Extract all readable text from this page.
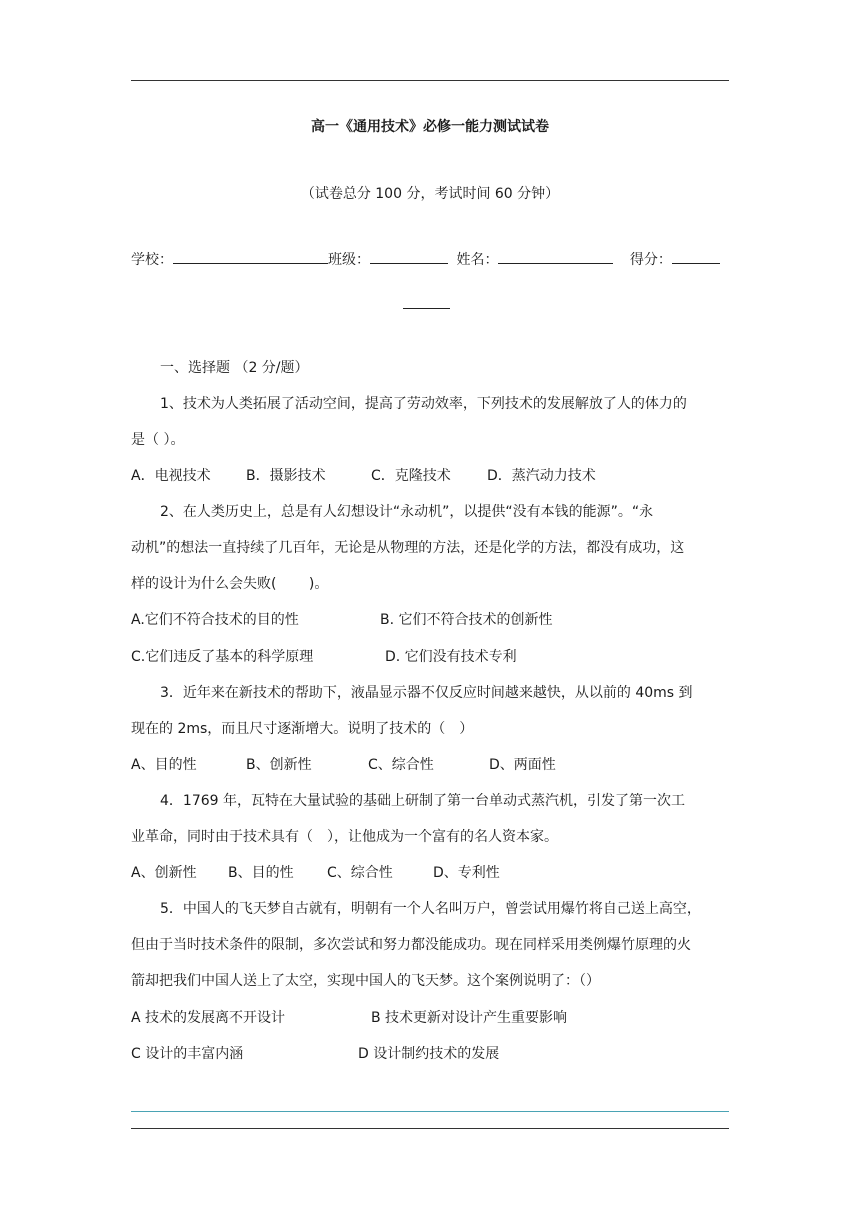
高一《通用技术》必修一能力测试试卷
（试卷总分 100 分，考试时间 60 分钟）
学校：	班级：	姓名：	得分：
一、选择题 （2 分/题）
1、技术为人类拓展了活动空间，提高了劳动效率，下列技术的发展解放了人的体力的
是（ ）。
A．电视技术	B．摄影技术	C．克隆技术	D．蒸汽动力技术
2、在人类历史上，总是有人幻想设计“永动机”，以提供“没有本钱的能源”。“永
动机”的想法一直持续了几百年，无论是从物理的方法，还是化学的方法，都没有成功，这
样的设计为什么会失败(　　 )。
A.它们不符合技术的目的性	B. 它们不符合技术的创新性
C.它们违反了基本的科学原理	D. 它们没有技术专利
3．近年来在新技术的帮助下，液晶显示器不仅反应时间越来越快，从以前的 40ms 到
现在的 2ms，而且尺寸逐渐增大。说明了技术的（　）
A、目的性	B、创新性	C、综合性	D、两面性
4．1769 年，瓦特在大量试验的基础上研制了第一台单动式蒸汽机，引发了第一次工
业革命，同时由于技术具有（　），让他成为一个富有的名人资本家。
A、创新性 B、目的性 C、综合性	D、专利性
5．中国人的飞天梦自古就有，明朝有一个人名叫万户，曾尝试用爆竹将自己送上高空，
但由于当时技术条件的限制，多次尝试和努力都没能成功。现在同样采用类例爆竹原理的火
箭却把我们中国人送上了太空，实现中国人的飞天梦。这个案例说明了：（）
A 技术的发展离不开设计	B 技术更新对设计产生重要影响
C 设计的丰富内涵	D 设计制约技术的发展
